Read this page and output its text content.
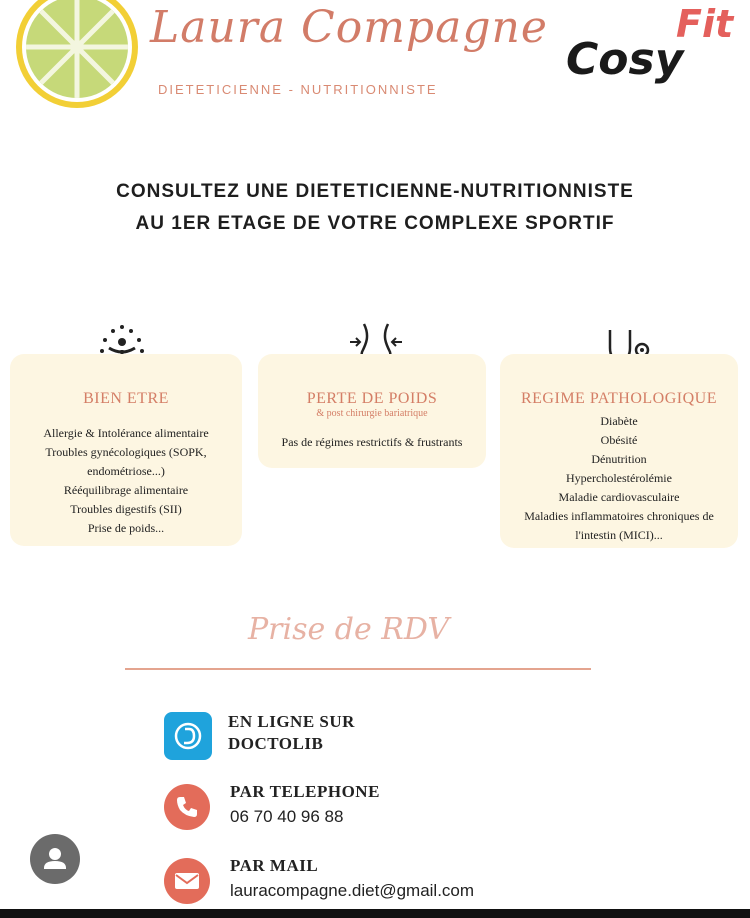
Laura Compagne
DIETETICIENNE - NUTRITIONNISTE
Cosy
Fit
CONSULTEZ UNE DIETETICIENNE-NUTRITIONNISTE
AU 1ER ETAGE DE VOTRE COMPLEXE SPORTIF
BIEN ETRE
Allergie & Intolérance alimentaire
Troubles gynécologiques (SOPK,
endométriose...)
Rééquilibrage alimentaire
Troubles digestifs (SII)
Prise de poids...
PERTE DE POIDS
& post chirurgie bariatrique
Pas de régimes restrictifs & frustrants
REGIME PATHOLOGIQUE
Diabète
Obésité
Dénutrition
Hypercholestérolémie
Maladie cardiovasculaire
Maladies inflammatoires chroniques de
l'intestin (MICI)...
Prise de RDV
EN LIGNE SUR
DOCTOLIB
PAR TELEPHONE
06 70 40 96 88
PAR MAIL
lauracompagne.diet@gmail.com
